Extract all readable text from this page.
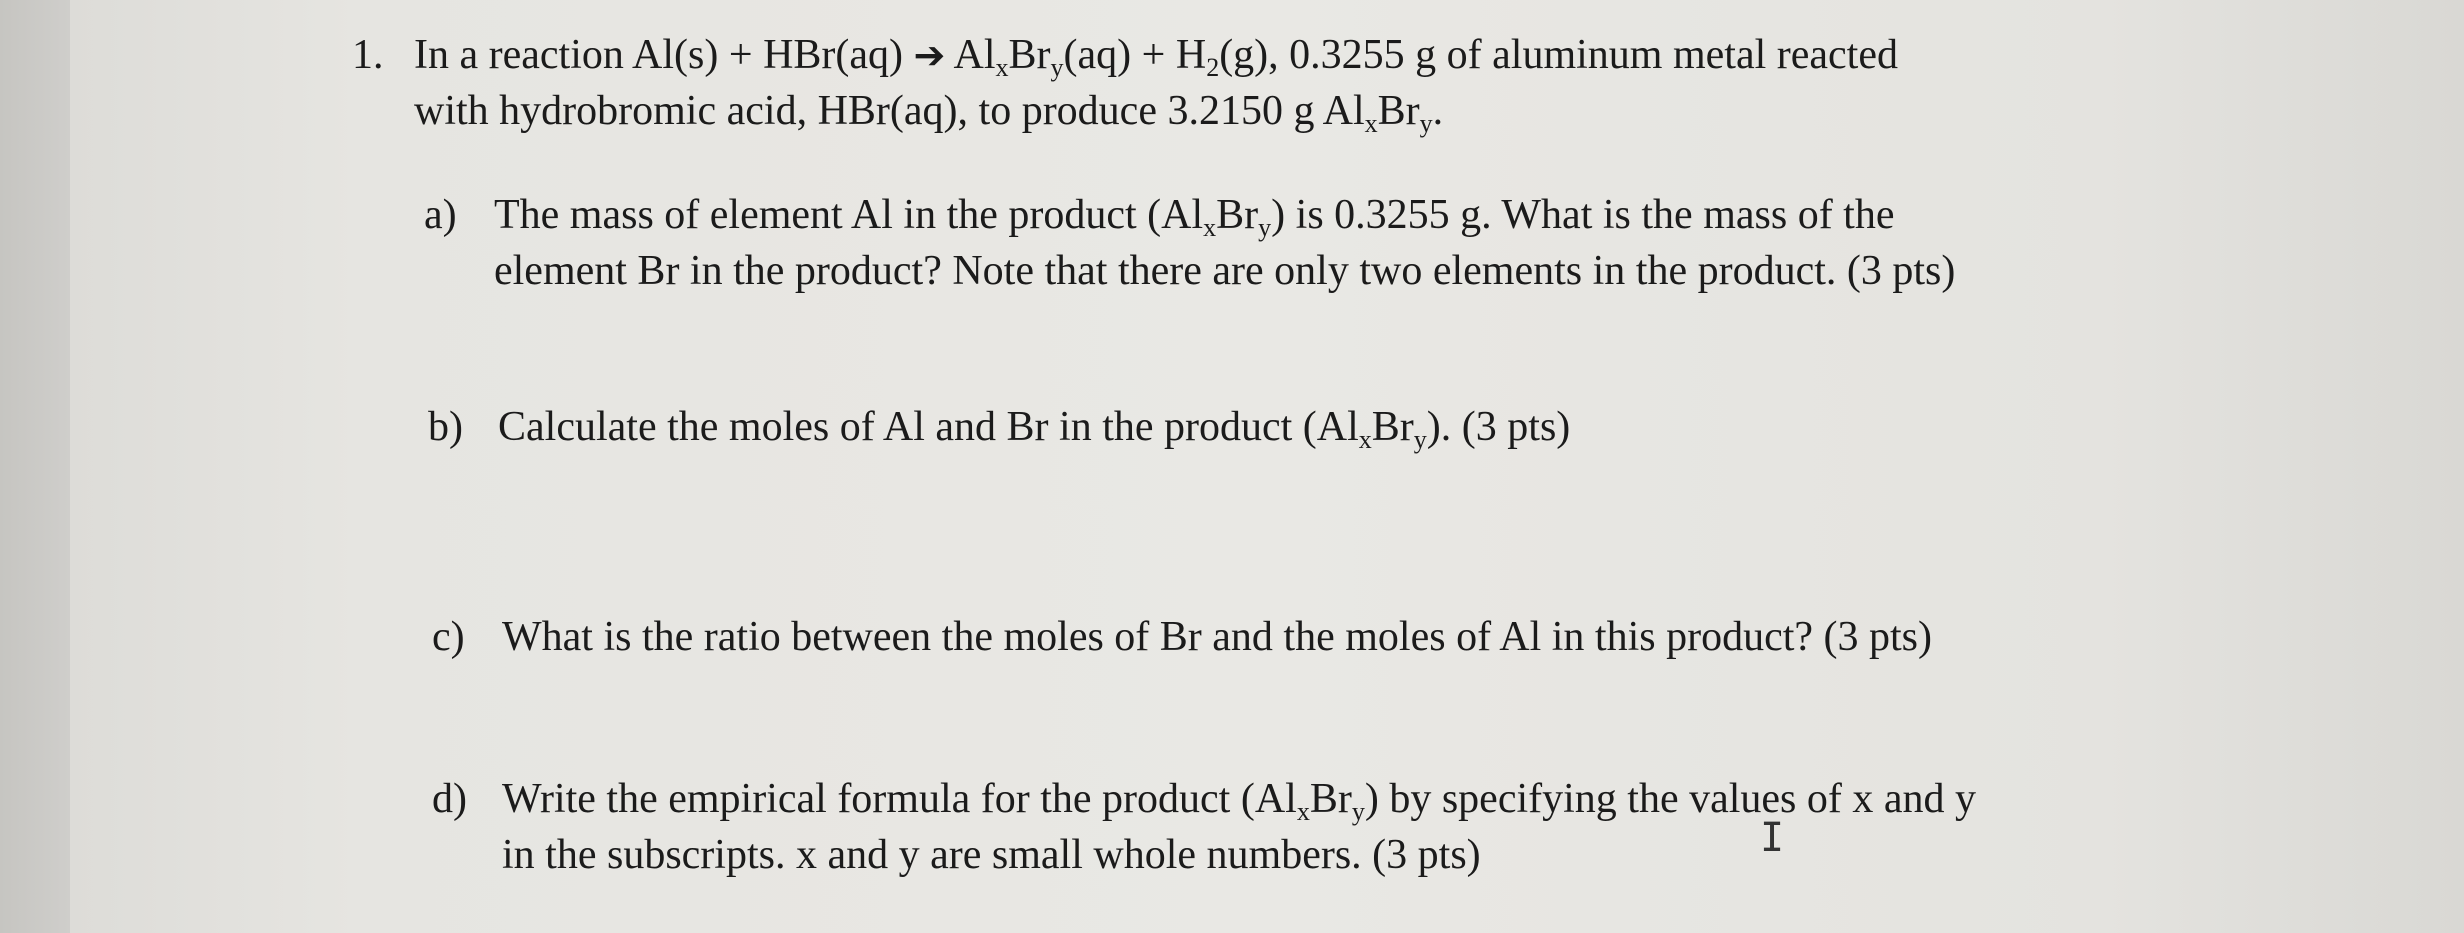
1. In a reaction Al(s) + HBr(aq) ➔ $Al_xBr_y(aq) + H_2(g)$, 0.3255 g of aluminum metal reacted
with hydrobromic acid, HBr(aq), to produce 3.2150 g $Al_xBr_y$.
a) The mass of element Al in the product $(Al_xBr_y)$ is 0.3255 g. What is the mass of the
element Br in the product? Note that there are only two elements in the product. (3 pts)
b) Calculate the moles of Al and Br in the product $(Al_xBr_y)$. (3 pts)
c) What is the ratio between the moles of Br and the moles of Al in this product? (3 pts)
d) Write the empirical formula for the product $(Al_xBr_y)$ by specifying the values of x and y
in the subscripts. x and y are small whole numbers. (3 pts)	I
